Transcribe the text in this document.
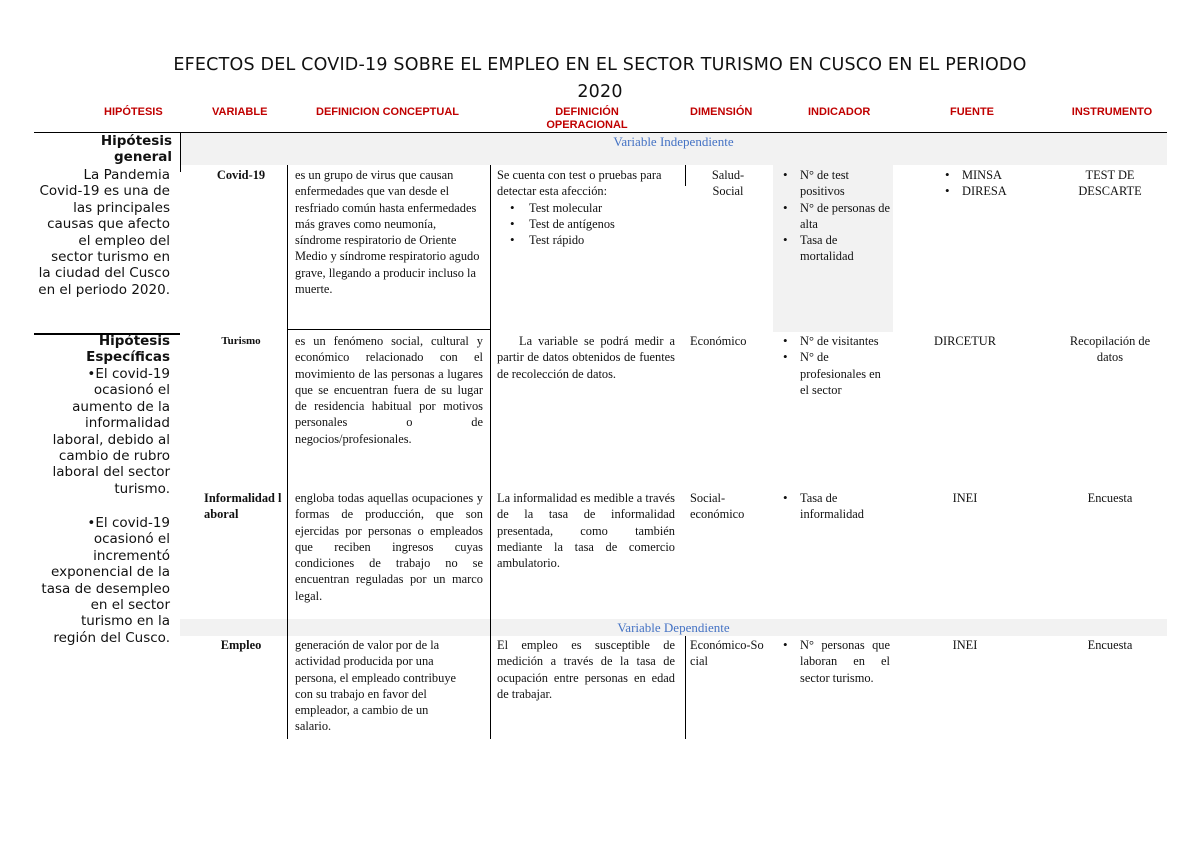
EFECTOS DEL COVID-19 SOBRE EL EMPLEO EN EL SECTOR TURISMO EN CUSCO EN EL PERIODO 2020
HIPÓTESIS	VARIABLE	DEFINICION CONCEPTUAL	DEFINICIÓN OPERACIONAL
DIMENSIÓN	INDICADOR	FUENTE	INSTRUMENTO
Variable Independiente
Variable Dependiente
Hipótesis general
La Pandemia Covid-19 es una de las principales causas que afecto el empleo del sector turismo en la ciudad del Cusco en el periodo 2020.
Hipótesis Específicas
•El covid-19 ocasionó el aumento de la informalidad laboral, debido al cambio de rubro laboral del sector turismo.
•El covid-19 ocasionó el incrementó exponencial de la tasa de desempleo en el sector turismo en la región del Cusco.
Covid-19	es un grupo de virus que causan enfermedades que van desde el resfriado común hasta enfermedades más graves como neumonía, síndrome respiratorio de Oriente Medio y síndrome respiratorio agudo grave, llegando a producir incluso la muerte.

Se cuenta con test o pruebas para detectar esta afección:

• Test molecular
• Test de antígenos
• Test rápido
Salud-Social
• N° de test positivos
• N° de personas de alta
• Tasa de mortalidad
• MINSA
• DIRESA
TEST DE DESCARTE
Turismo	es un fenómeno social, cultural y económico relacionado con el movimiento de las personas a lugares que se encuentran fuera de su lugar de residencia habitual por motivos personales o de negocios/profesionales.
La variable se podrá medir a partir de datos obtenidos de fuentes de recolección de datos.
Económico
•	N° de visitantes
• N° de profesionales en el sector
DIRCETUR	Recopilación de datos
Informalidad laboral
engloba todas aquellas ocupaciones y formas de producción, que son ejercidas por personas o empleados que reciben ingresos cuyas condiciones de trabajo no se encuentran reguladas por un marco legal.
La informalidad es medible a través de la tasa de informalidad presentada, como también mediante la tasa de comercio ambulatorio.
Social-económico
• Tasa de informalidad
INEI	Encuesta
Empleo	generación de valor por de la actividad producida por una persona, el empleado contribuye con su trabajo en favor del empleador, a cambio de un salario.
El empleo es susceptible de medición a través de la tasa de ocupación entre personas en edad de trabajar.
Económico-Social
• N° personas que laboran en el sector turismo.
INEI	Encuesta
